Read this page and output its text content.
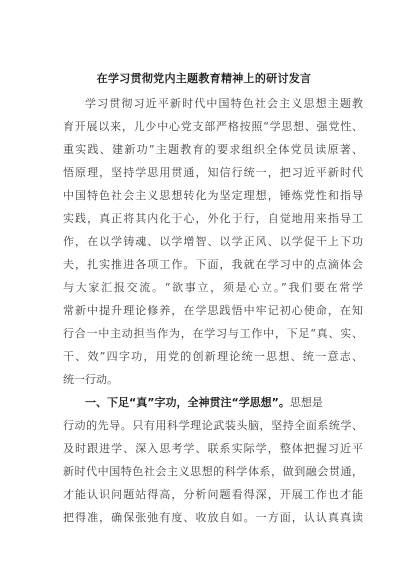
在学习贯彻党内主题教育精神上的研讨发言
学习贯彻习近平新时代中国特色社会主义思想主题教
育开展以来，儿少中心党支部严格按照“学思想、强党性、
重实践、建新功”主题教育的要求组织全体党员读原著、
悟原理，坚持学思用贯通，知信行统一，把习近平新时代
中国特色社会主义思想转化为坚定理想，锤炼党性和指导
实践，真正将其内化于心，外化于行，自觉地用来指导工
作，在以学铸魂、以学增智、以学正风、以学促干上下功
夫，扎实推进各项工作。下面，我就在学习中的点滴体会
与大家汇报交流。“欲事立，须是心立。”我们要在常学
常新中提升理论修养，在学思践悟中牢记初心使命，在知
行合一中主动担当作为，在学习与工作中，下足“真、实、
干、效”四字功，用党的创新理论统一思想、统一意志、
统一行动。
一、下足“真”字功，全神贯注“学思想”。思想是
行动的先导。只有用科学理论武装头脑，坚持全面系统学、
及时跟进学、深入思考学、联系实际学，整体把握习近平
新时代中国特色社会主义思想的科学体系，做到融会贯通，
才能认识问题站得高，分析问题看得深，开展工作也才能
把得准，确保张弛有度、收放自如。一方面，认认真真读
